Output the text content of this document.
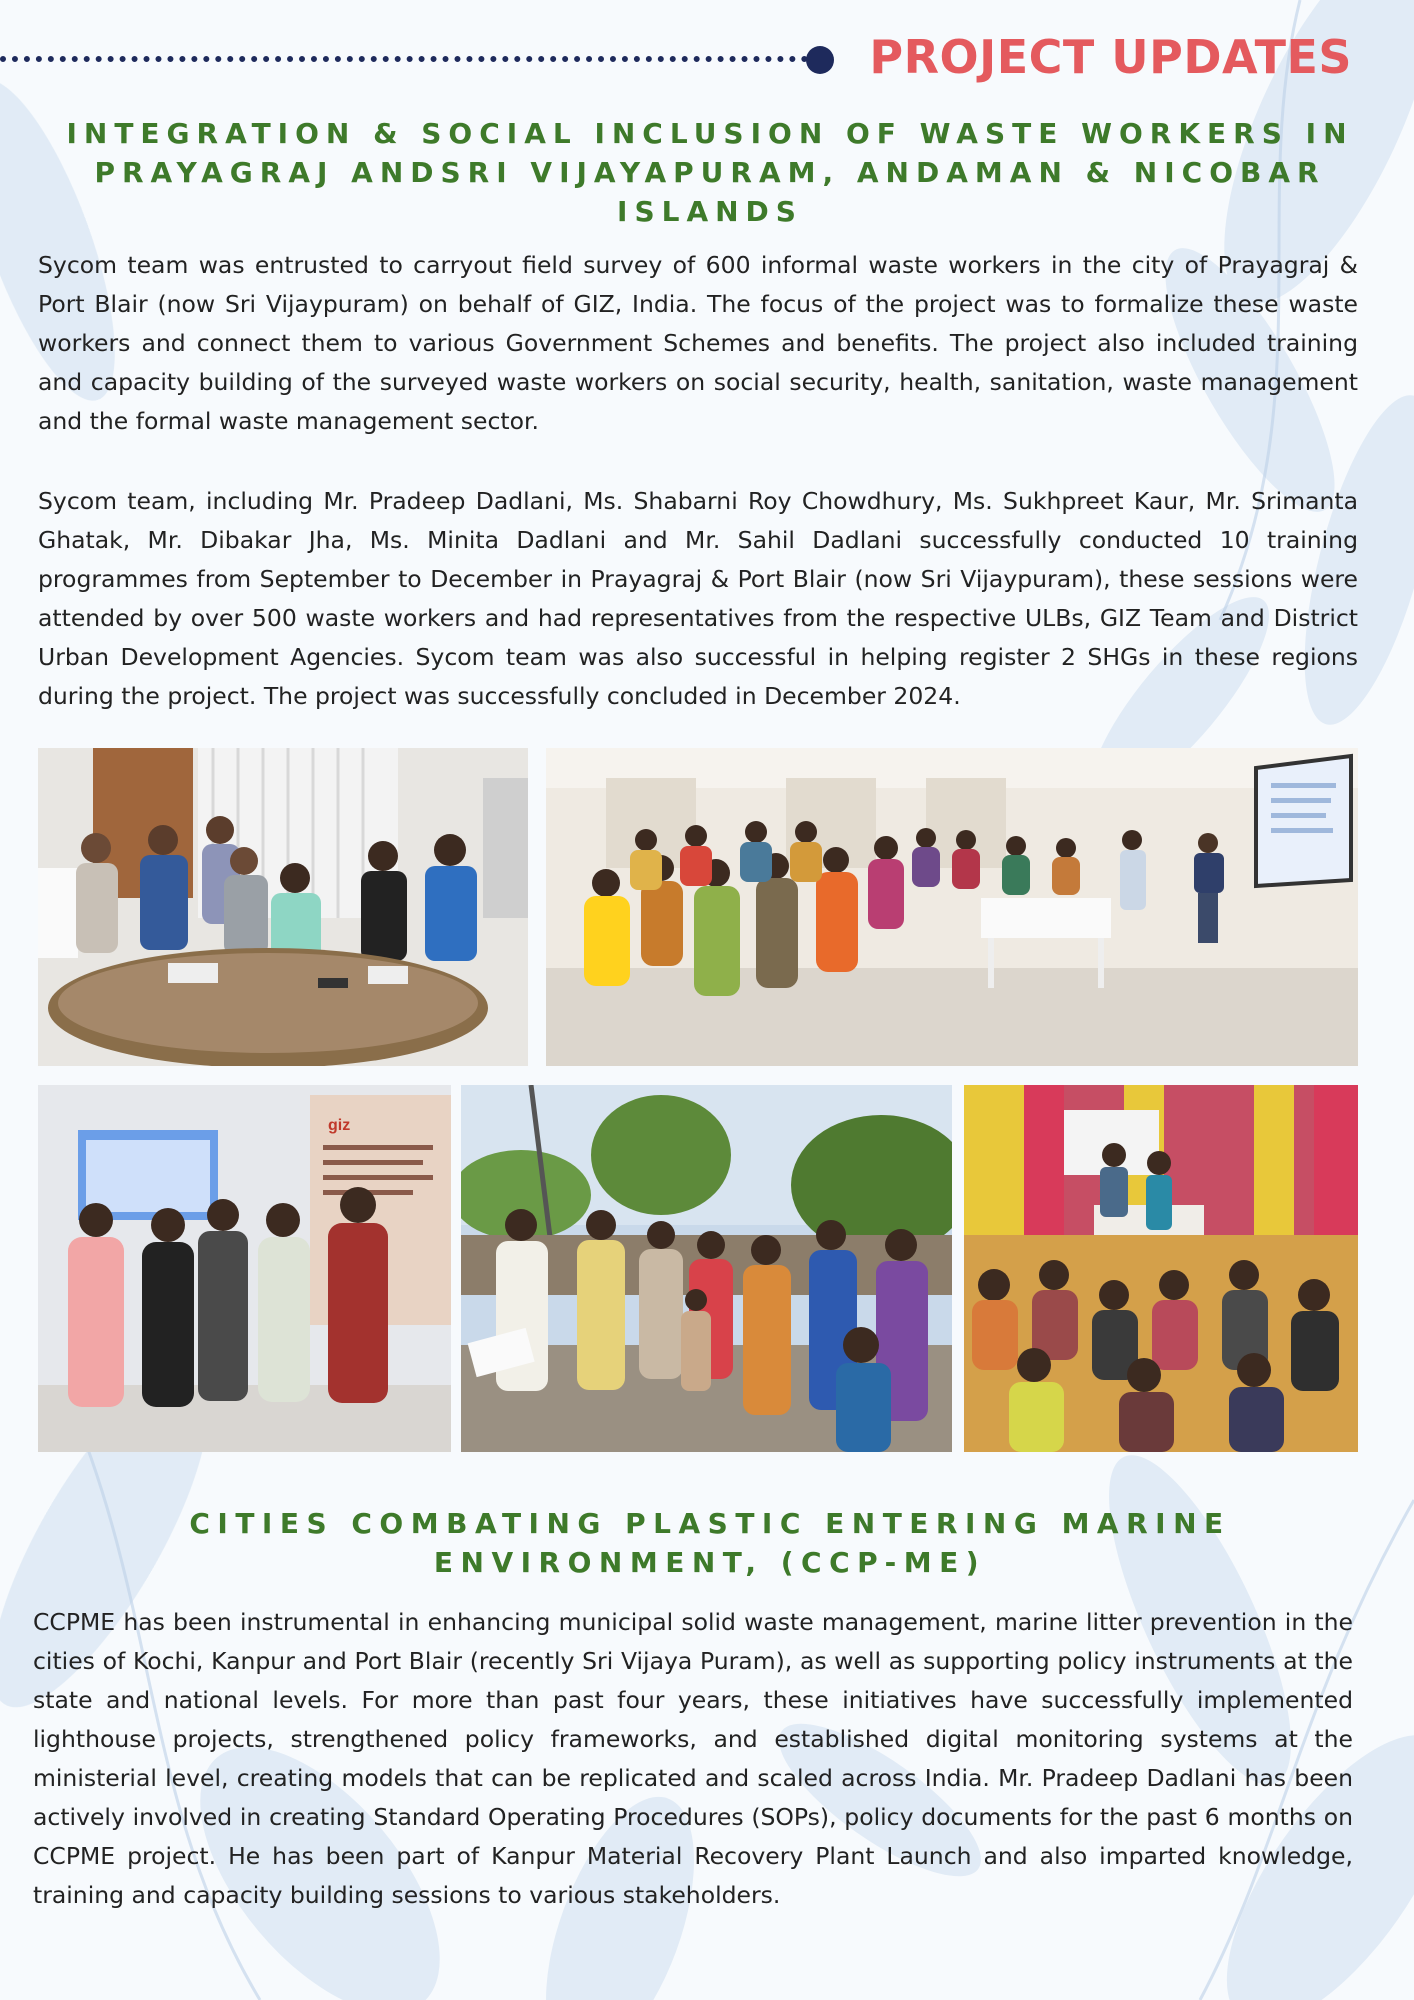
PROJECT UPDATES
INTEGRATION & SOCIAL INCLUSION OF WASTE WORKERS IN
PRAYAGRAJ ANDSRI VIJAYAPURAM, ANDAMAN & NICOBAR
ISLANDS

Sycom team was entrusted to carryout field survey of 600 informal waste workers in the city of Prayagraj & Port Blair (now Sri Vijaypuram) on behalf of GIZ, India. The focus of the project was to formalize these waste workers and connect them to various Government Schemes and benefits. The project also included training and capacity building of the surveyed waste workers on social security, health, sanitation, waste management and the formal waste management sector.

Sycom team, including Mr. Pradeep Dadlani, Ms. Shabarni Roy Chowdhury, Ms. Sukhpreet Kaur, Mr. Srimanta Ghatak, Mr. Dibakar Jha, Ms. Minita Dadlani and Mr. Sahil Dadlani successfully conducted 10 training programmes from September to December in Prayagraj & Port Blair (now Sri Vijaypuram), these sessions were attended by over 500 waste workers and had representatives from the respective ULBs, GIZ Team and District Urban Development Agencies. Sycom team was also successful in helping register 2 SHGs in these regions during the project. The project was successfully concluded in December 2024.

giz
CITIES COMBATING PLASTIC ENTERING MARINE
ENVIRONMENT, (CCP-ME)

CCPME has been instrumental in enhancing municipal solid waste management, marine litter prevention in the cities of Kochi, Kanpur and Port Blair (recently Sri Vijaya Puram), as well as supporting policy instruments at the state and national levels. For more than past four years, these initiatives have successfully implemented lighthouse projects, strengthened policy frameworks, and established digital monitoring systems at the ministerial level, creating models that can be replicated and scaled across India. Mr. Pradeep Dadlani has been actively involved in creating Standard Operating Procedures (SOPs), policy documents for the past 6 months on CCPME project. He has been part of Kanpur Material Recovery Plant Launch and also imparted knowledge, training and capacity building sessions to various stakeholders.
